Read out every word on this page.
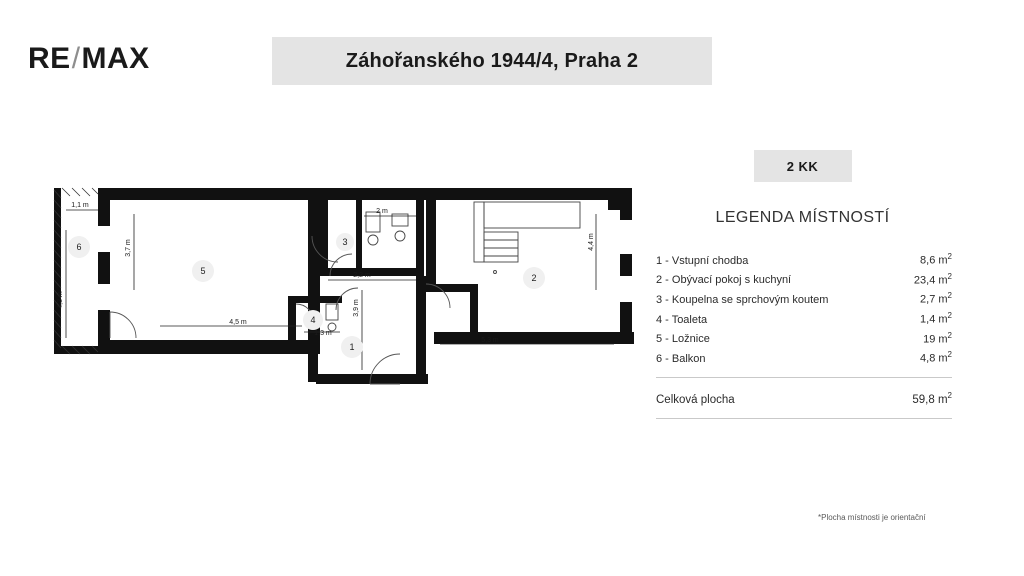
RE/MAX	Záhořanského 1944/4, Praha 2
2 KK
LEGENDA MÍSTNOSTÍ
1 - Vstupní chodba	8,6 $m^2$
2 - Obývací pokoj s kuchyní	23,4 $m^2$
3 - Koupelna se sprchovým koutem	2,7 $m^2$
4 - Toaleta	1,4 $m^2$
5 - Ložnice	19 $m^2$
6 - Balkon	4,8 $m^2$
Celková plocha	59,8 $m^2$
*Plocha místnosti je orientační
6
5
3
4
1
2
1,1 m
4,3 m
3,7 m
4,5 m
2 m
2,2 m
1,3 m
3,9 m
5,3 m
4,4 m
